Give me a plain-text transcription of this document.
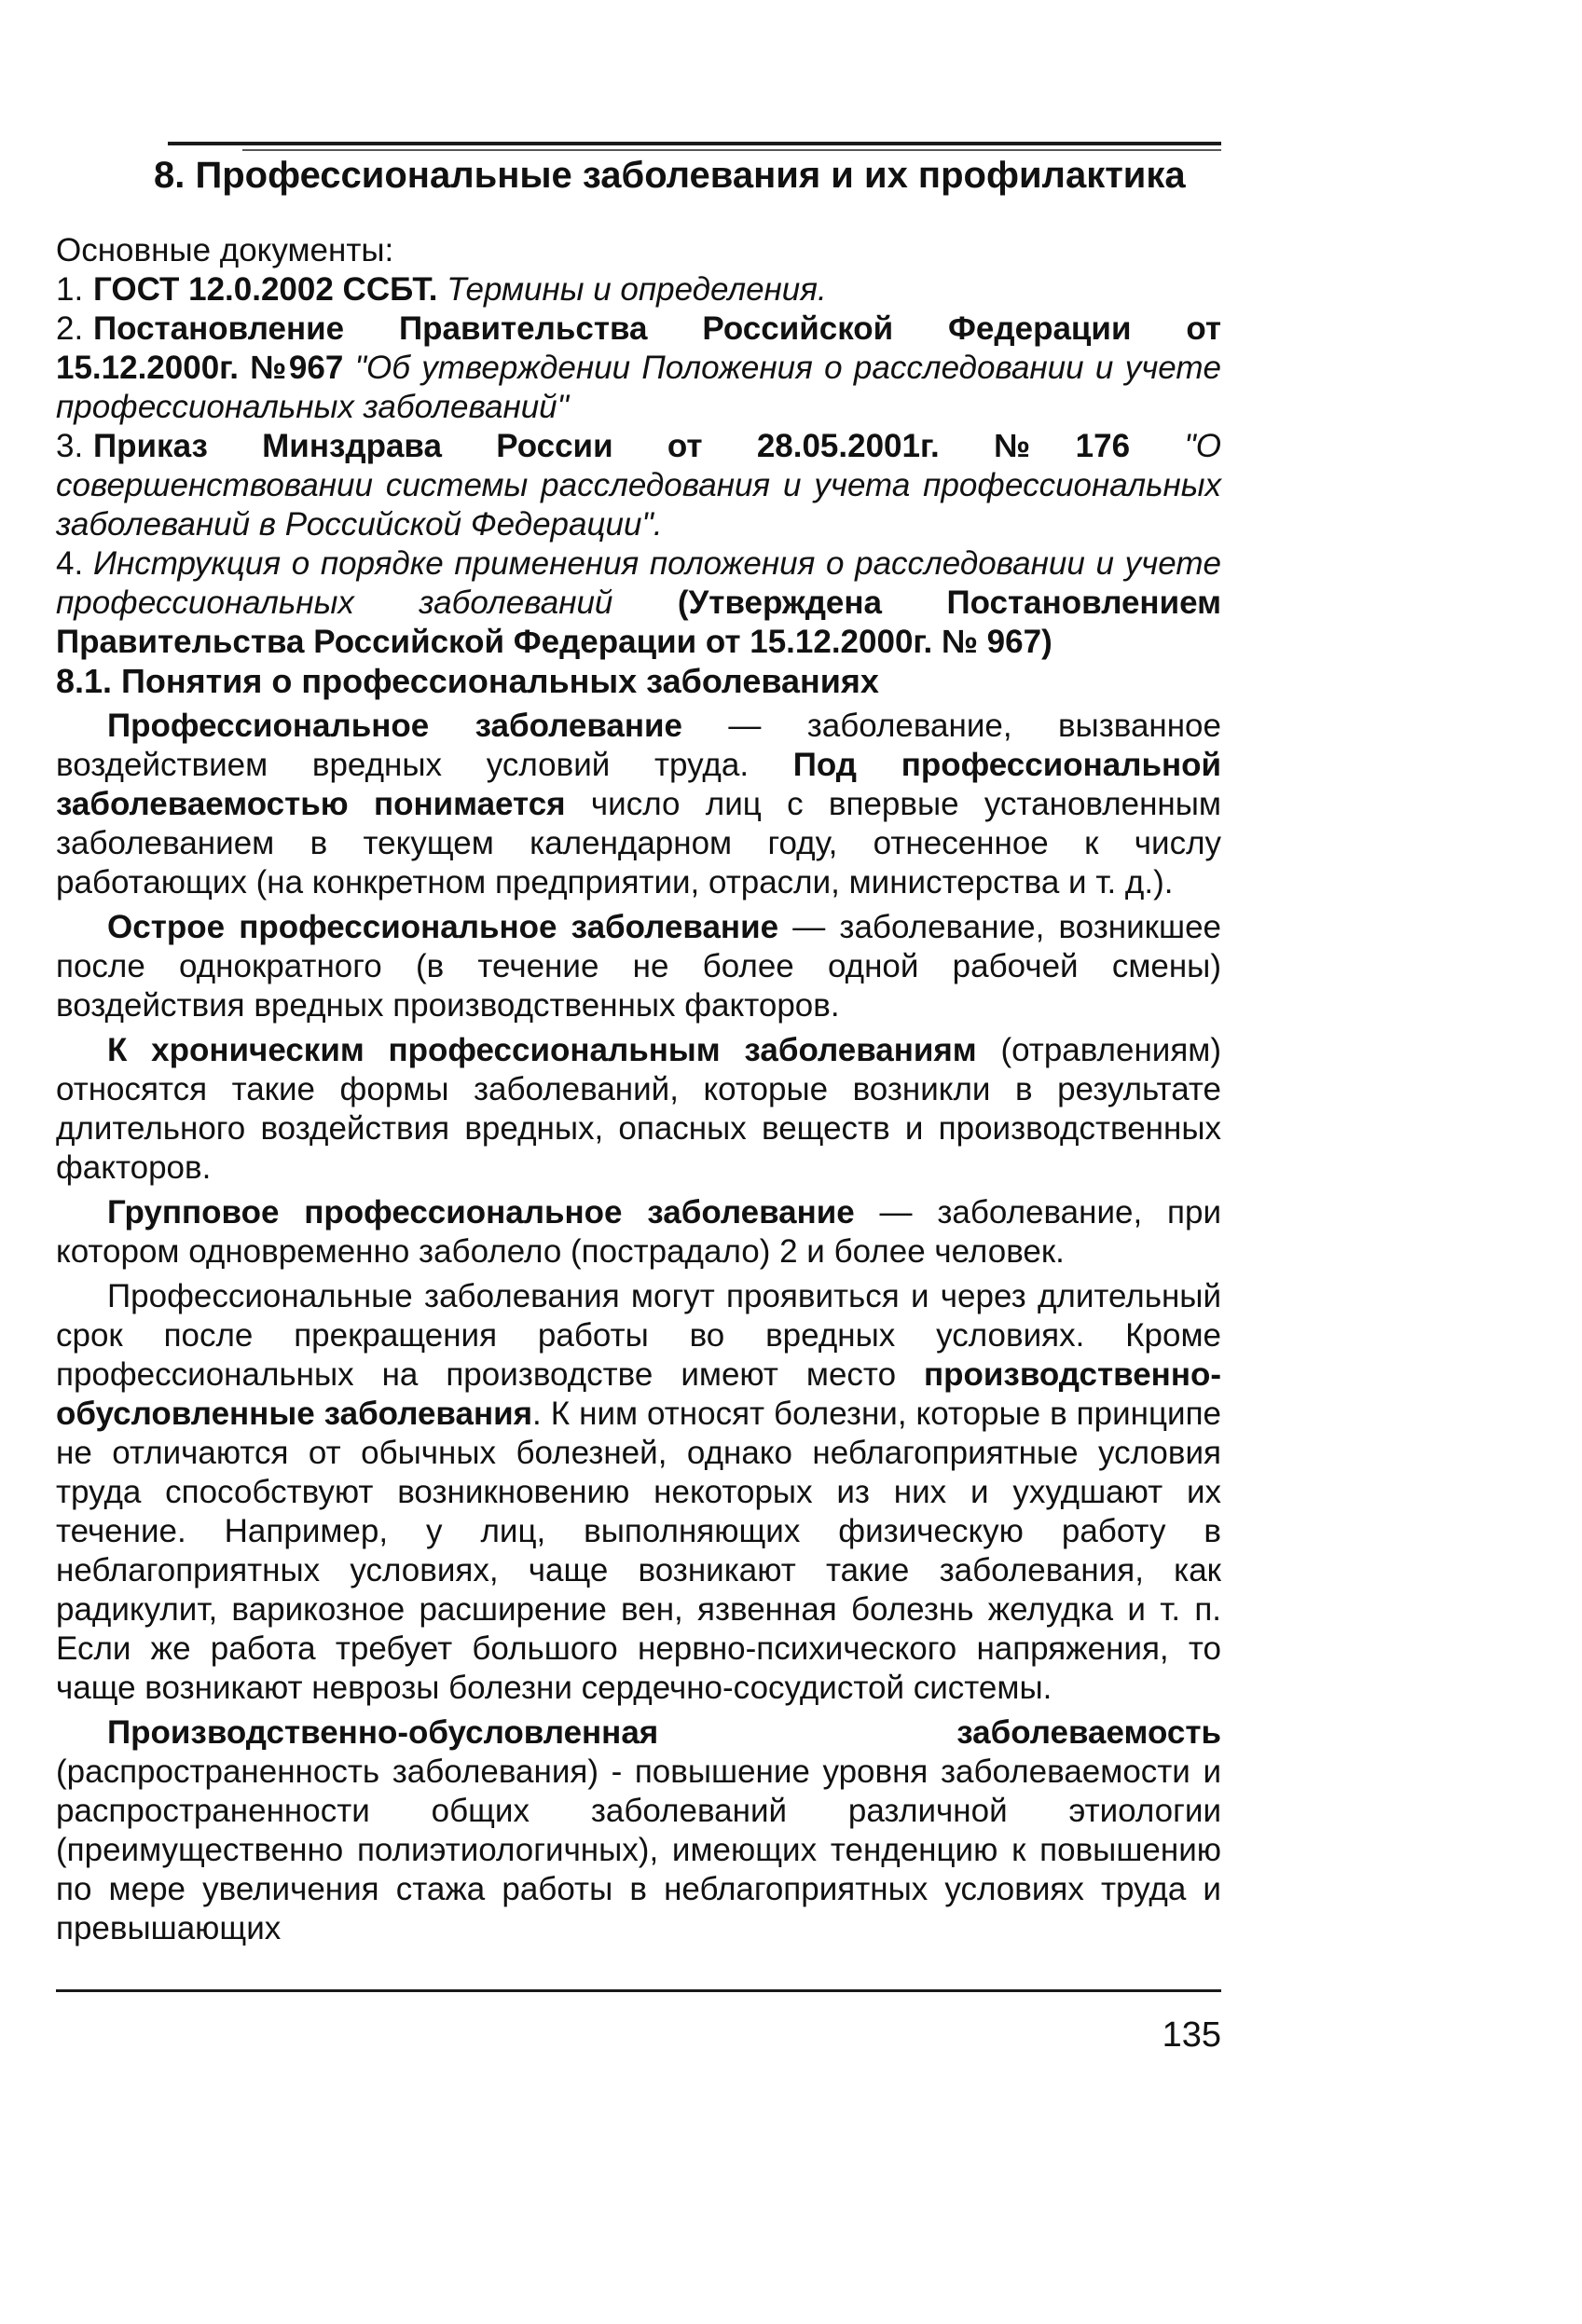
8. Профессиональные заболевания и их профилактика

Основные документы:

1. ГОСТ 12.0.2002 ССБТ. Термины и определения.

2. Постановление Правительства Российской Федерации от 15.12.2000г. №967 "Об утверждении Положения о расследовании и учете профессиональных заболеваний"

3. Приказ Минздрава России от 28.05.2001г. №176 "О совершенствовании системы расследования и учета профессиональных заболеваний в Российской Федерации".

4. Инструкция о порядке применения положения о расследовании и учете профессиональных заболеваний (Утверждена Постановлением Правительства Российской Федерации от 15.12.2000г. № 967)

8.1. Понятия о профессиональных заболеваниях

Профессиональное заболевание — заболевание, вызванное воздействием вредных условий труда. Под профессиональной заболеваемостью понимается число лиц с впервые установленным заболеванием в текущем календарном году, отнесенное к числу работающих (на конкретном предприятии, отрасли, министерства и т. д.).

Острое профессиональное заболевание — заболевание, возникшее после однократного (в течение не более одной рабочей смены) воздействия вредных производственных факторов.

К хроническим профессиональным заболеваниям (отравлениям) относятся такие формы заболеваний, которые возникли в результате длительного воздействия вредных, опасных веществ и производственных факторов.

Групповое профессиональное заболевание — заболевание, при котором одновременно заболело (пострадало) 2 и более человек.

Профессиональные заболевания могут проявиться и через длительный срок после прекращения работы во вредных условиях. Кроме профессиональных на производстве имеют место производственно-обусловленные заболевания. К ним относят болезни, которые в принципе не отличаются от обычных болезней, однако неблагоприятные условия труда способствуют возникновению некоторых из них и ухудшают их течение. Например, у лиц, выполняющих физическую работу в неблагоприятных условиях, чаще возникают такие заболевания, как радикулит, варикозное расширение вен, язвенная болезнь желудка и т. п. Если же работа требует большого нервно-психического напряжения, то чаще возникают неврозы болезни сердечно-сосудистой системы.

Производственно-обусловленная заболеваемость (распространенность заболевания) - повышение уровня заболеваемости и распространенности общих заболеваний различной этиологии (преимущественно полиэтиологичных), имеющих тенденцию к повышению по мере увеличения стажа работы в неблагоприятных условиях труда и превышающих

135
